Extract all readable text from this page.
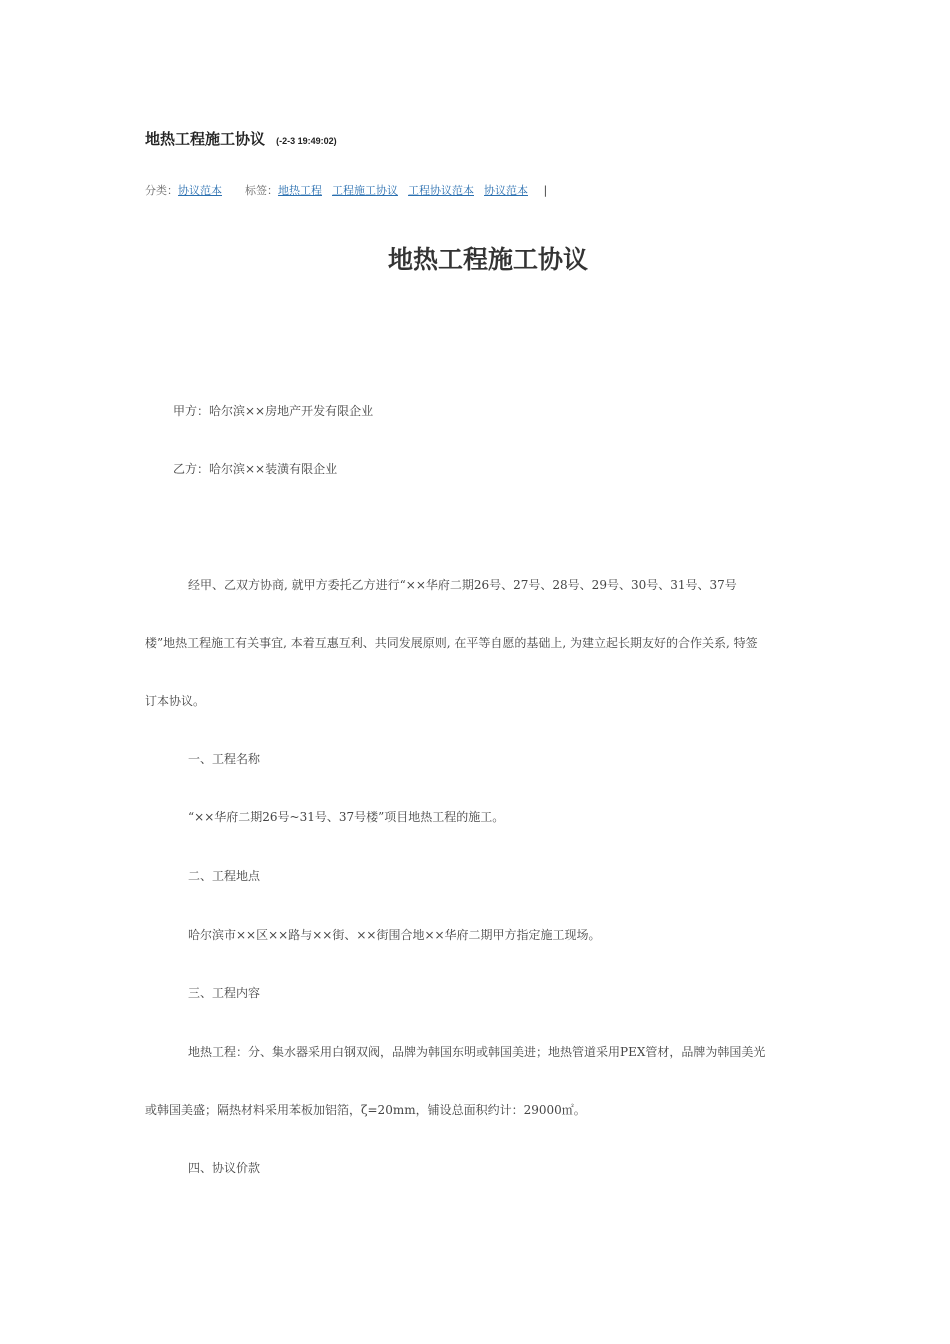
地热工程施工协议 (-2-3 19:49:02)
分类：协议范本 标签：地热工程 工程施工协议 工程协议范本 协议范本 |
地热工程施工协议
甲方：哈尔滨××房地产开发有限企业
乙方：哈尔滨××装潢有限企业
经甲、乙双方协商, 就甲方委托乙方进行“××华府二期26号、27号、28号、29号、30号、31号、37号
楼”地热工程施工有关事宜, 本着互惠互利、共同发展原则, 在平等自愿的基础上, 为建立起长期友好的合作关系, 特签
订本协议。
一、工程名称
“××华府二期26号~31号、37号楼”项目地热工程的施工。
二、工程地点
哈尔滨市××区××路与××街、××街围合地××华府二期甲方指定施工现场。
三、工程内容
地热工程：分、集水器采用白钢双阀，品牌为韩国东明或韩国美进；地热管道采用PEX管材，品牌为韩国美光
或韩国美盛；隔热材料采用苯板加铝箔，ζ=20mm，铺设总面积约计：29000㎡。
四、协议价款
